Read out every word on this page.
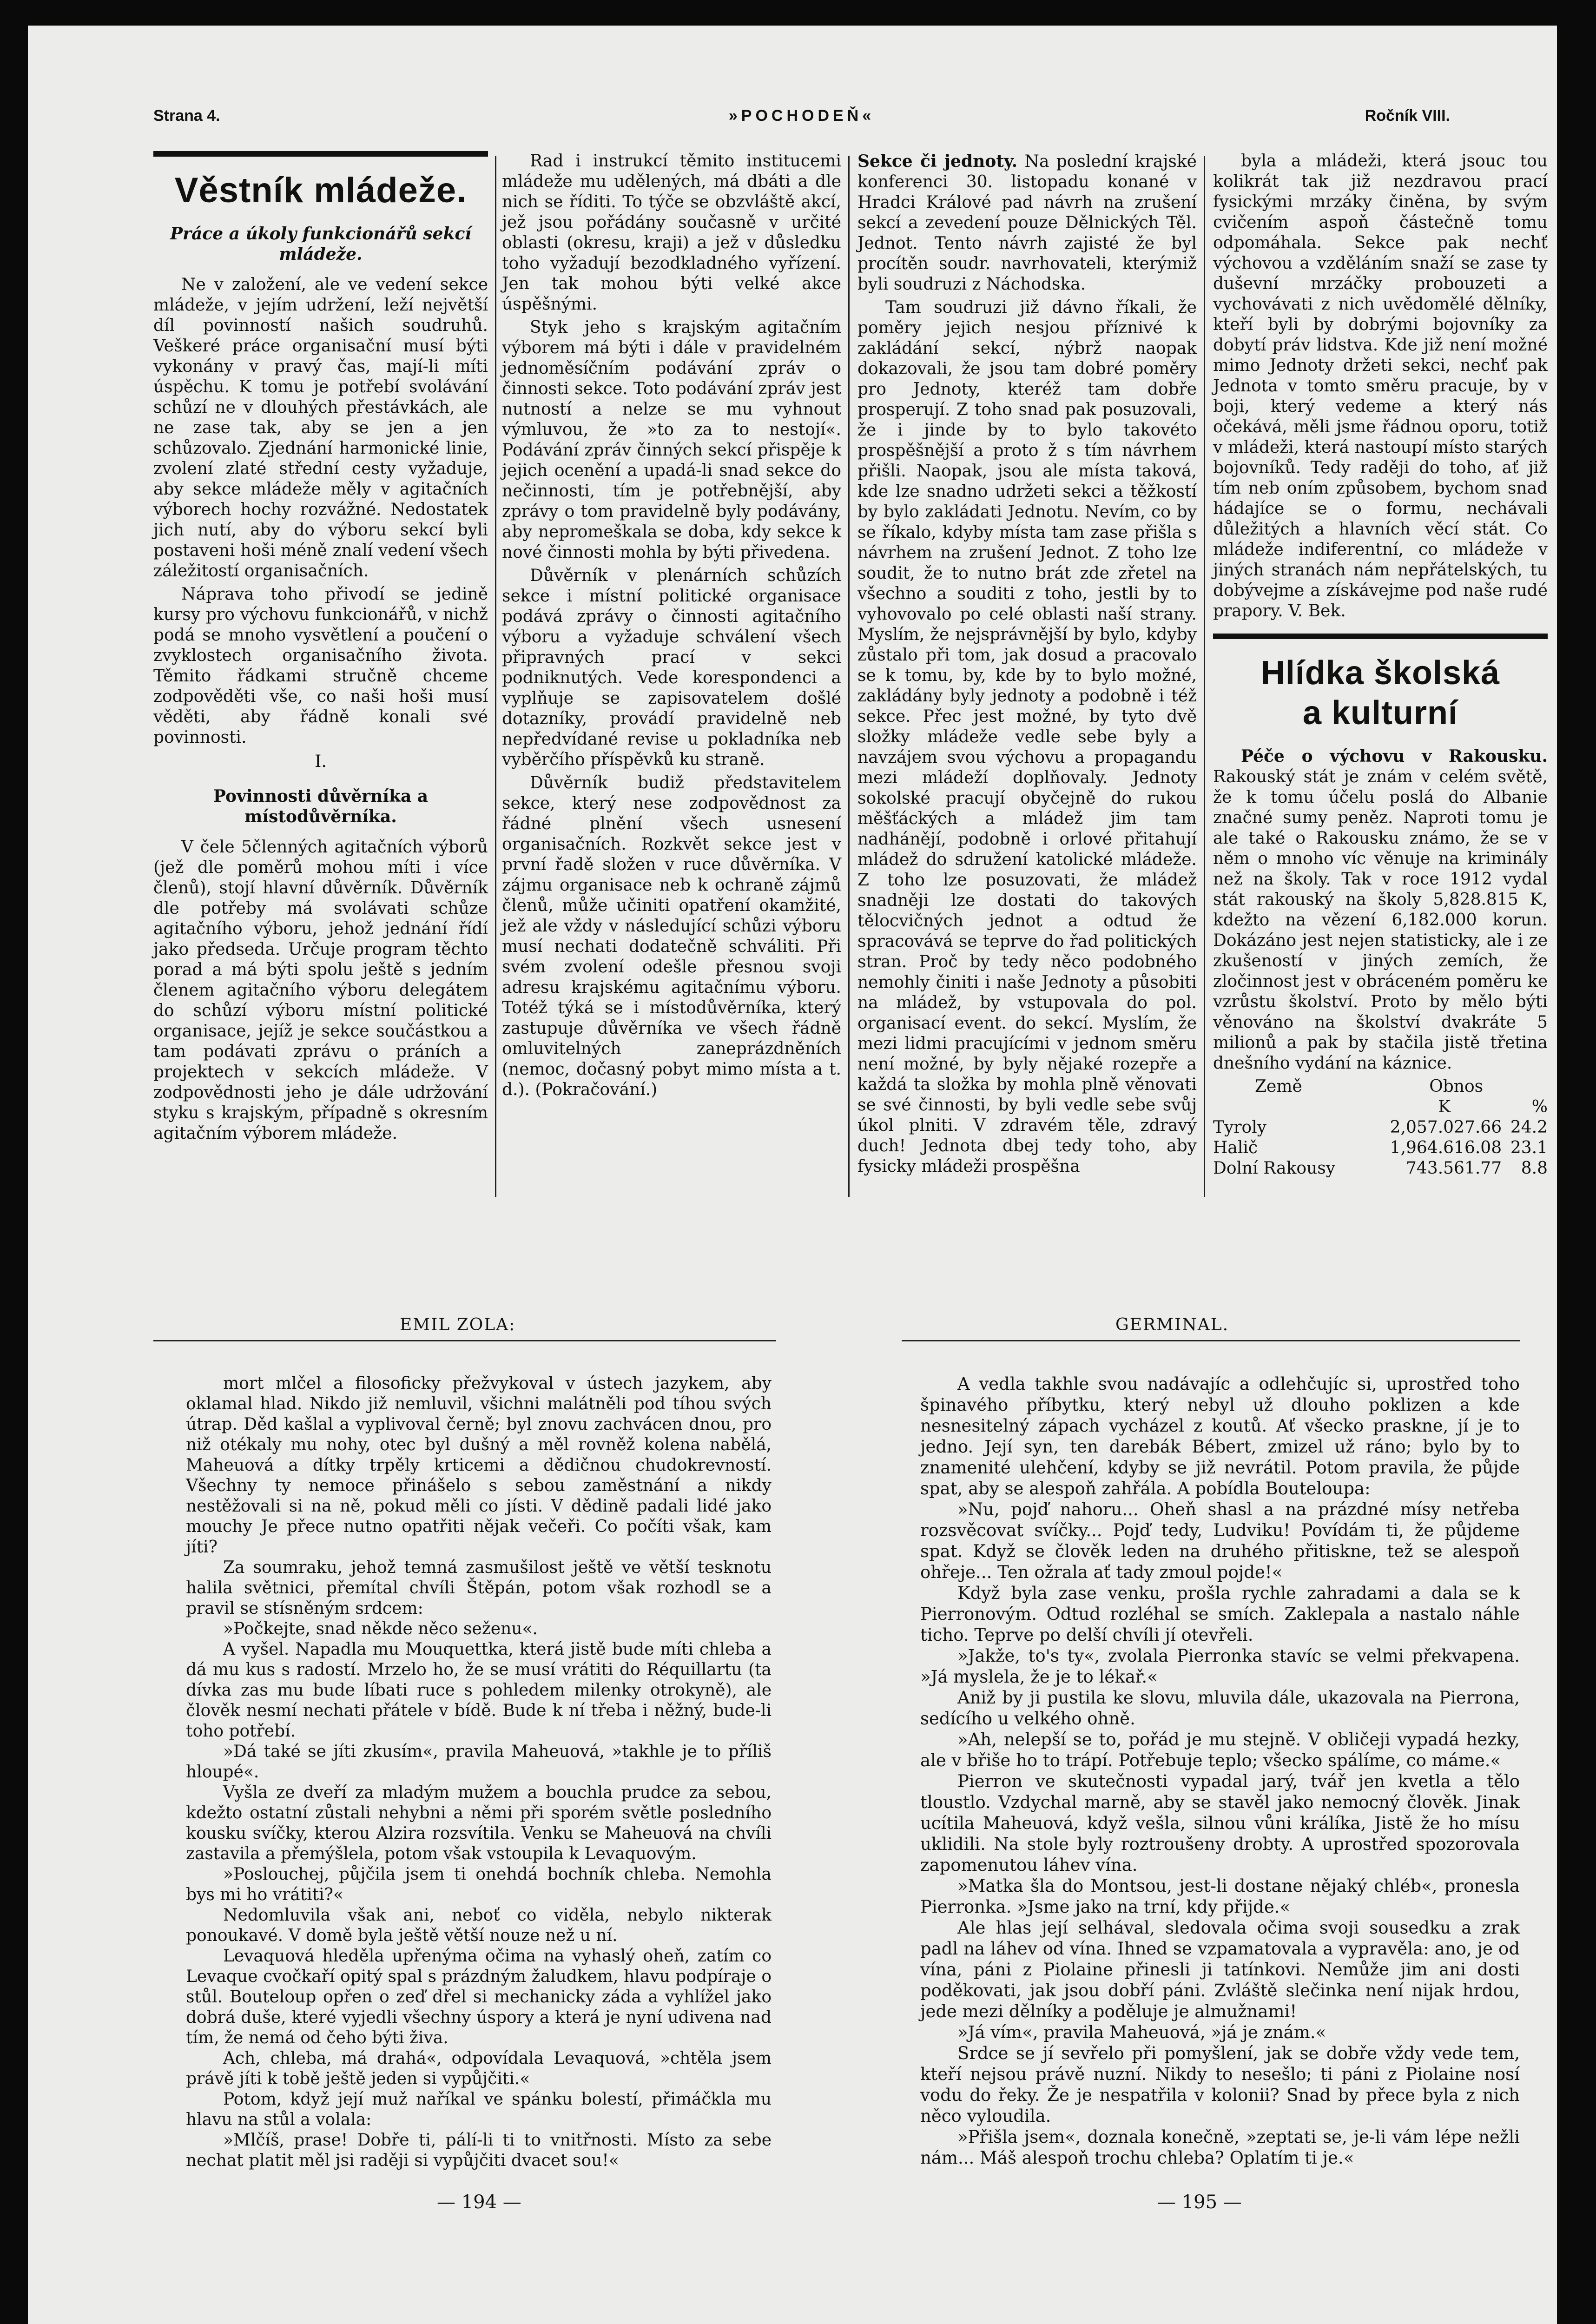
Strana 4.	»POCHODEŇ«	Ročník VIII.
Věstník mládeže.
Práce a úkoly funkcionářů sekcí mládeže.

Ne v založení, ale ve vedení sekce mládeže, v jejím udržení, leží největší díl povinností našich soudruhů. Veškeré práce organisační musí býti vykonány v pravý čas, mají-li míti úspěchu. K tomu je potřebí svolávání schůzí ne v dlouhých přestávkách, ale ne zase tak, aby se jen a jen schůzovalo. Zjednání harmonické linie, zvolení zlaté střední cesty vyžaduje, aby sekce mládeže měly v agitačních výborech hochy rozvážné. Nedostatek jich nutí, aby do výboru sekcí byli postaveni hoši méně znalí vedení všech záležitostí organisačních.

Náprava toho přivodí se jedině kursy pro výchovu funkcionářů, v nichž podá se mnoho vysvětlení a poučení o zvyklostech organisačního života. Těmito řádkami stručně chceme zodpověděti vše, co naši hoši musí věděti, aby řádně konali své povinnosti.

I.
Povinnosti důvěrníka a místodůvěrníka.

V čele 5členných agitačních výborů (jež dle poměrů mohou míti i více členů), stojí hlavní důvěrník. Důvěrník dle potřeby má svolávati schůze agitačního výboru, jehož jednání řídí jako předseda. Určuje program těchto porad a má býti spolu ještě s jedním členem agitačního výboru delegátem do schůzí výboru místní politické organisace, jejíž je sekce součástkou a tam podávati zprávu o práních a projektech v sekcích mládeže. V zodpovědnosti jeho je dále udržování styku s krajským, případně s okresním agitačním výborem mládeže.

Rad i instrukcí těmito institucemi mládeže mu udělených, má dbáti a dle nich se říditi. To týče se obzvláště akcí, jež jsou pořádány současně v určité oblasti (okresu, kraji) a jež v důsledku toho vyžadují bezodkladného vyřízení. Jen tak mohou býti velké akce úspěšnými.

Styk jeho s krajským agitačním výborem má býti i dále v pravidelném jednoměsíčním podávání zpráv o činnosti sekce. Toto podávání zpráv jest nutností a nelze se mu vyhnout výmluvou, že »to za to nestojí«. Podávání zpráv činných sekcí přispěje k jejich ocenění a upadá-li snad sekce do nečinnosti, tím je potřebnější, aby zprávy o tom pravidelně byly podávány, aby nepromeškala se doba, kdy sekce k nové činnosti mohla by býti přivedena.

Důvěrník v plenárních schůzích sekce i místní politické organisace podává zprávy o činnosti agitačního výboru a vyžaduje schválení všech připravných prací v sekci podniknutých. Vede korespondenci a vyplňuje se zapisovatelem došlé dotazníky, provádí pravidelně neb nepředvídané revise u pokladníka neb vyběrčího příspěvků ku straně.

Důvěrník budiž představitelem sekce, který nese zodpovědnost za řádné plnění všech usnesení organisačních. Rozkvět sekce jest v první řadě složen v ruce důvěrníka. V zájmu organisace neb k ochraně zájmů členů, může učiniti opatření okamžité, jež ale vždy v následující schůzi výboru musí nechati dodatečně schváliti. Při svém zvolení odešle přesnou svoji adresu krajskému agitačnímu výboru. Totéž týká se i místodůvěrníka, který zastupuje důvěrníka ve všech řádně omluvitelných zaneprázdněních (nemoc, dočasný pobyt mimo místa a t. d.). (Pokračování.)

Sekce či jednoty. Na poslední krajské konferenci 30. listopadu konané v Hradci Králové pad návrh na zrušení sekcí a zevedení pouze Dělnických Těl. Jednot. Tento návrh zajisté že byl procítěn soudr. navrhovateli, kterýmiž byli soudruzi z Náchodska.

Tam soudruzi již dávno říkali, že poměry jejich nesjou příznivé k zakládání sekcí, nýbrž naopak dokazovali, že jsou tam dobré poměry pro Jednoty, kteréž tam dobře prosperují. Z toho snad pak posuzovali, že i jinde by to bylo takovéto prospěšnější a proto ž s tím návrhem přišli. Naopak, jsou ale místa taková, kde lze snadno udržeti sekci a těžkostí by bylo zakládati Jednotu. Nevím, co by se říkalo, kdyby místa tam zase přišla s návrhem na zrušení Jednot. Z toho lze soudit, že to nutno brát zde zřetel na všechno a souditi z toho, jestli by to vyhovovalo po celé oblasti naší strany. Myslím, že nejsprávnější by bylo, kdyby zůstalo při tom, jak dosud a pracovalo se k tomu, by, kde by to bylo možné, zakládány byly jednoty a podobně i též sekce. Přec jest možné, by tyto dvě složky mládeže vedle sebe byly a navzájem svou výchovu a propagandu mezi mládeží doplňovaly. Jednoty sokolské pracují obyčejně do rukou měšťáckých a mládež jim tam nadhánějí, podobně i orlové přitahují mládež do sdružení katolické mládeže. Z toho lze posuzovati, že mládež snadněji lze dostati do takových tělocvičných jednot a odtud že spracovává se teprve do řad politických stran. Proč by tedy něco podobného nemohly činiti i naše Jednoty a působiti na mládež, by vstupovala do pol. organisací event. do sekcí. Myslím, že mezi lidmi pracujícími v jednom směru není možné, by byly nějaké rozepře a každá ta složka by mohla plně věnovati se své činnosti, by byli vedle sebe svůj úkol plniti. V zdravém těle, zdravý duch! Jednota dbej tedy toho, aby fysicky mládeži prospěšna

byla a mládeži, která jsouc tou kolikrát tak již nezdravou prací fysickými mrzáky činěna, by svým cvičením aspoň částečně tomu odpomáhala. Sekce pak nechť výchovou a vzděláním snaží se zase ty duševní mrzáčky probouzeti a vychovávati z nich uvědomělé dělníky, kteří byli by dobrými bojovníky za dobytí práv lidstva. Kde již není možné mimo Jednoty držeti sekci, nechť pak Jednota v tomto směru pracuje, by v boji, který vedeme a který nás očekává, měli jsme řádnou oporu, totiž v mládeži, která nastoupí místo starých bojovníků. Tedy raději do toho, ať již tím neb oním způsobem, bychom snad hádajíce se o formu, nechávali důležitých a hlavních věcí stát. Co mládeže indiferentní, co mládeže v jiných stranách nám nepřátelských, tu dobývejme a získávejme pod naše rudé prapory. V. Bek.

Hlídka školská a kulturní

Péče o výchovu v Rakousku. Rakouský stát je znám v celém světě, že k tomu účelu poslá do Albanie značné sumy peněz. Naproti tomu je ale také o Rakousku známo, že se v něm o mnoho víc věnuje na kriminály než na školy. Tak v roce 1912 vydal stát rakouský na školy 5,828.815 K, kdežto na vězení 6,182.000 korun. Dokázáno jest nejen statisticky, ale i ze zkušeností v jiných zemích, že zločinnost jest v obráceném poměru ke vzrůstu školství. Proto by mělo býti věnováno na školství dvakráte 5 milionů a pak by stačila jistě třetina dnešního vydání na káznice.

Země	Obnos	
	K	%
Tyroly	2,057.027.66	24.2
Halič	1,964.616.08	23.1
Dolní Rakousy	743.561.77	8.8
EMIL ZOLA:	GERMINAL.

mort mlčel a filosoficky přežvykoval v ústech jazykem, aby oklamal hlad. Nikdo již nemluvil, všichni malátněli pod tíhou svých útrap. Děd kašlal a vyplivoval černě; byl znovu zachvácen dnou, pro niž otékaly mu nohy, otec byl dušný a měl rovněž kolena nabělá, Maheuová a dítky trpěly krticemi a dědičnou chudokrevností. Všechny ty nemoce přinášelo s sebou zaměstnání a nikdy nestěžovali si na ně, pokud měli co jísti. V dědině padali lidé jako mouchy Je přece nutno opatřiti nějak večeři. Co počíti však, kam jíti?

Za soumraku, jehož temná zasmušilost ještě ve větší tesknotu halila světnici, přemítal chvíli Štěpán, potom však rozhodl se a pravil se stísněným srdcem:

»Počkejte, snad někde něco seženu«.

A vyšel. Napadla mu Mouquettka, která jistě bude míti chleba a dá mu kus s radostí. Mrzelo ho, že se musí vrátiti do Réquillartu (ta dívka zas mu bude líbati ruce s pohledem milenky otrokyně), ale člověk nesmí nechati přátele v bídě. Bude k ní třeba i něžný, bude-li toho potřebí.

»Dá také se jíti zkusím«, pravila Maheuová, »takhle je to příliš hloupé«.

Vyšla ze dveří za mladým mužem a bouchla prudce za sebou, kdežto ostatní zůstali nehybni a němi při sporém světle posledního kousku svíčky, kterou Alzira rozsvítila. Venku se Maheuová na chvíli zastavila a přemýšlela, potom však vstoupila k Levaquovým.

»Poslouchej, půjčila jsem ti onehdá bochník chleba. Nemohla bys mi ho vrátiti?«

Nedomluvila však ani, neboť co viděla, nebylo nikterak ponoukavé. V domě byla ještě větší nouze než u ní.

Levaquová hleděla upřenýma očima na vyhaslý oheň, zatím co Levaque cvočkaří opitý spal s prázdným žaludkem, hlavu podpíraje o stůl. Bouteloup opřen o zeď dřel si mechanicky záda a vyhlížel jako dobrá duše, které vyjedli všechny úspory a která je nyní udivena nad tím, že nemá od čeho býti živa.

Ach, chleba, má drahá«, odpovídala Levaquová, »chtěla jsem právě jíti k tobě ještě jeden si vypůjčiti.«

Potom, když její muž naříkal ve spánku bolestí, přimáčkla mu hlavu na stůl a volala:

»Mlčíš, prase! Dobře ti, pálí-li ti to vnitřnosti. Místo za sebe nechat platit měl jsi raději si vypůjčiti dvacet sou!«

A vedla takhle svou nadávajíc a odlehčujíc si, uprostřed toho špinavého příbytku, který nebyl už dlouho poklizen a kde nesnesitelný zápach vycházel z koutů. Ať všecko praskne, jí je to jedno. Její syn, ten darebák Bébert, zmizel už ráno; bylo by to znamenité ulehčení, kdyby se již nevrátil. Potom pravila, že půjde spat, aby se alespoň zahřála. A pobídla Bouteloupa:

»Nu, pojď nahoru... Oheň shasl a na prázdné mísy netřeba rozsvěcovat svíčky... Pojď tedy, Ludviku! Povídám ti, že půjdeme spat. Když se člověk leden na druhého přitiskne, tež se alespoň ohřeje... Ten ožrala ať tady zmoul pojde!«

Když byla zase venku, prošla rychle zahradami a dala se k Pierronovým. Odtud rozléhal se smích. Zaklepala a nastalo náhle ticho. Teprve po delší chvíli jí otevřeli.

»Jakže, to's ty«, zvolala Pierronka stavíc se velmi překvapena. »Já myslela, že je to lékař.«

Aniž by ji pustila ke slovu, mluvila dále, ukazovala na Pierrona, sedícího u velkého ohně.

»Ah, nelepší se to, pořád je mu stejně. V obličeji vypadá hezky, ale v břiše ho to trápí. Potřebuje teplo; všecko spálíme, co máme.«

Pierron ve skutečnosti vypadal jarý, tvář jen kvetla a tělo tloustlo. Vzdychal marně, aby se stavěl jako nemocný člověk. Jinak ucítila Maheuová, když vešla, silnou vůni králíka, Jistě že ho mísu uklidili. Na stole byly roztroušeny drobty. A uprostřed spozorovala zapomenutou láhev vína.

»Matka šla do Montsou, jest-li dostane nějaký chléb«, pronesla Pierronka. »Jsme jako na trní, kdy přijde.«

Ale hlas její selhával, sledovala očima svoji sousedku a zrak padl na láhev od vína. Ihned se vzpamatovala a vypravěla: ano, je od vína, páni z Piolaine přinesli ji tatínkovi. Nemůže jim ani dosti poděkovati, jak jsou dobří páni. Zvláště slečinka není nijak hrdou, jede mezi dělníky a poděluje je almužnami!

»Já vím«, pravila Maheuová, »já je znám.«

Srdce se jí sevřelo při pomyšlení, jak se dobře vždy vede tem, kteří nejsou právě nuzní. Nikdy to nesešlo; ti páni z Piolaine nosí vodu do řeky. Že je nespatřila v kolonii? Snad by přece byla z nich něco vyloudila.

»Přišla jsem«, doznala konečně, »zeptati se, je-li vám lépe nežli nám... Máš alespoň trochu chleba? Oplatím ti je.«

— 194 —	— 195 —
